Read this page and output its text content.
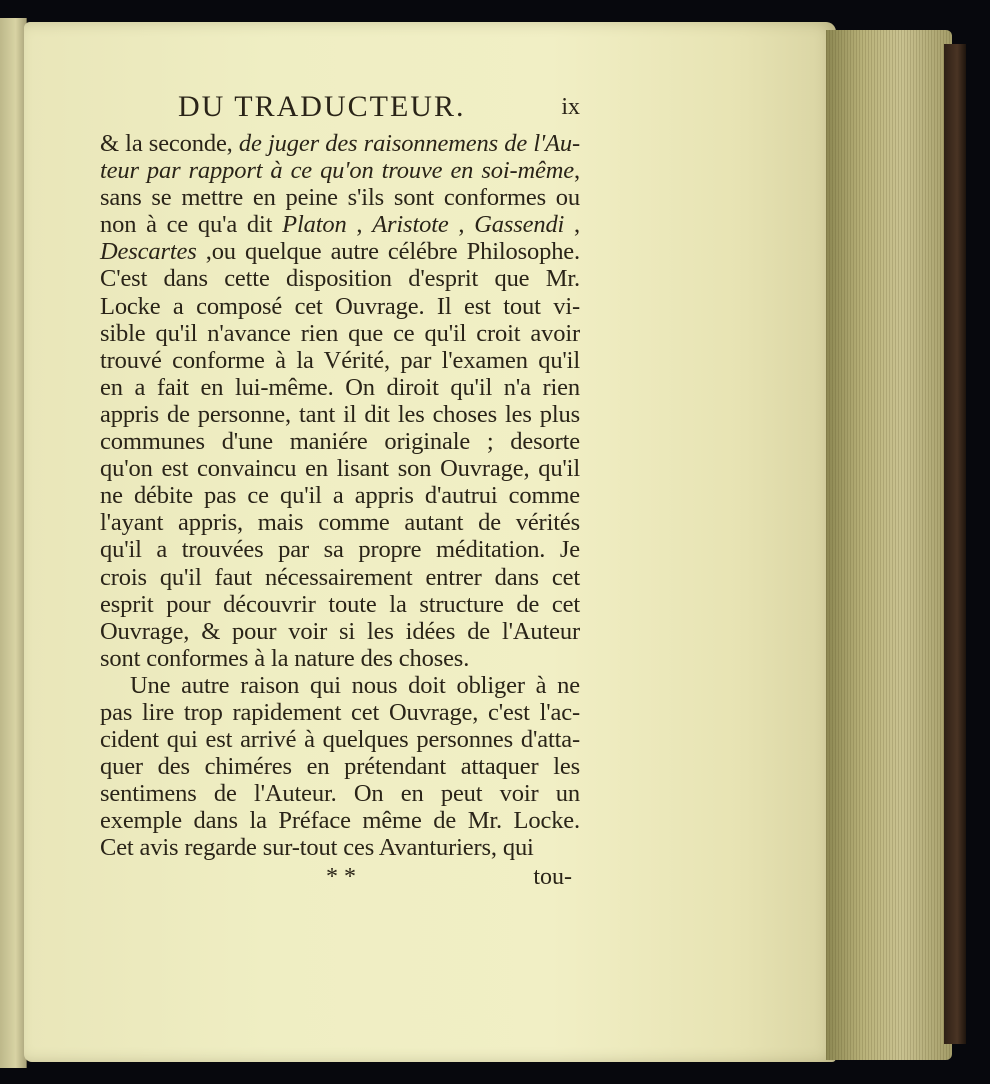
DU TRADUCTEUR.	ix
& la seconde, de juger des raisonnemens de l'Au-
teur par rapport à ce qu'on trouve en soi-même,
sans se mettre en peine s'ils sont conformes ou
non à ce qu'a dit Platon , Aristote , Gassendi ,
Descartes ,ou quelque autre célébre Philosophe.
C'est dans cette disposition d'esprit que Mr.
Locke a composé cet Ouvrage. Il est tout vi-
sible qu'il n'avance rien que ce qu'il croit avoir
trouvé conforme à la Vérité, par l'examen qu'il
en a fait en lui-même. On diroit qu'il n'a rien
appris de personne, tant il dit les choses les plus
communes d'une maniére originale ; desorte
qu'on est convaincu en lisant son Ouvrage, qu'il
ne débite pas ce qu'il a appris d'autrui comme
l'ayant appris, mais comme autant de vérités
qu'il a trouvées par sa propre méditation. Je
crois qu'il faut nécessairement entrer dans cet
esprit pour découvrir toute la structure de cet
Ouvrage, & pour voir si les idées de l'Auteur
sont conformes à la nature des choses.
Une autre raison qui nous doit obliger à ne
pas lire trop rapidement cet Ouvrage, c'est l'ac-
cident qui est arrivé à quelques personnes d'atta-
quer des chiméres en prétendant attaquer les
sentimens de l'Auteur. On en peut voir un
exemple dans la Préface même de Mr. Locke.
Cet avis regarde sur-tout ces Avanturiers, qui
* *	tou-
